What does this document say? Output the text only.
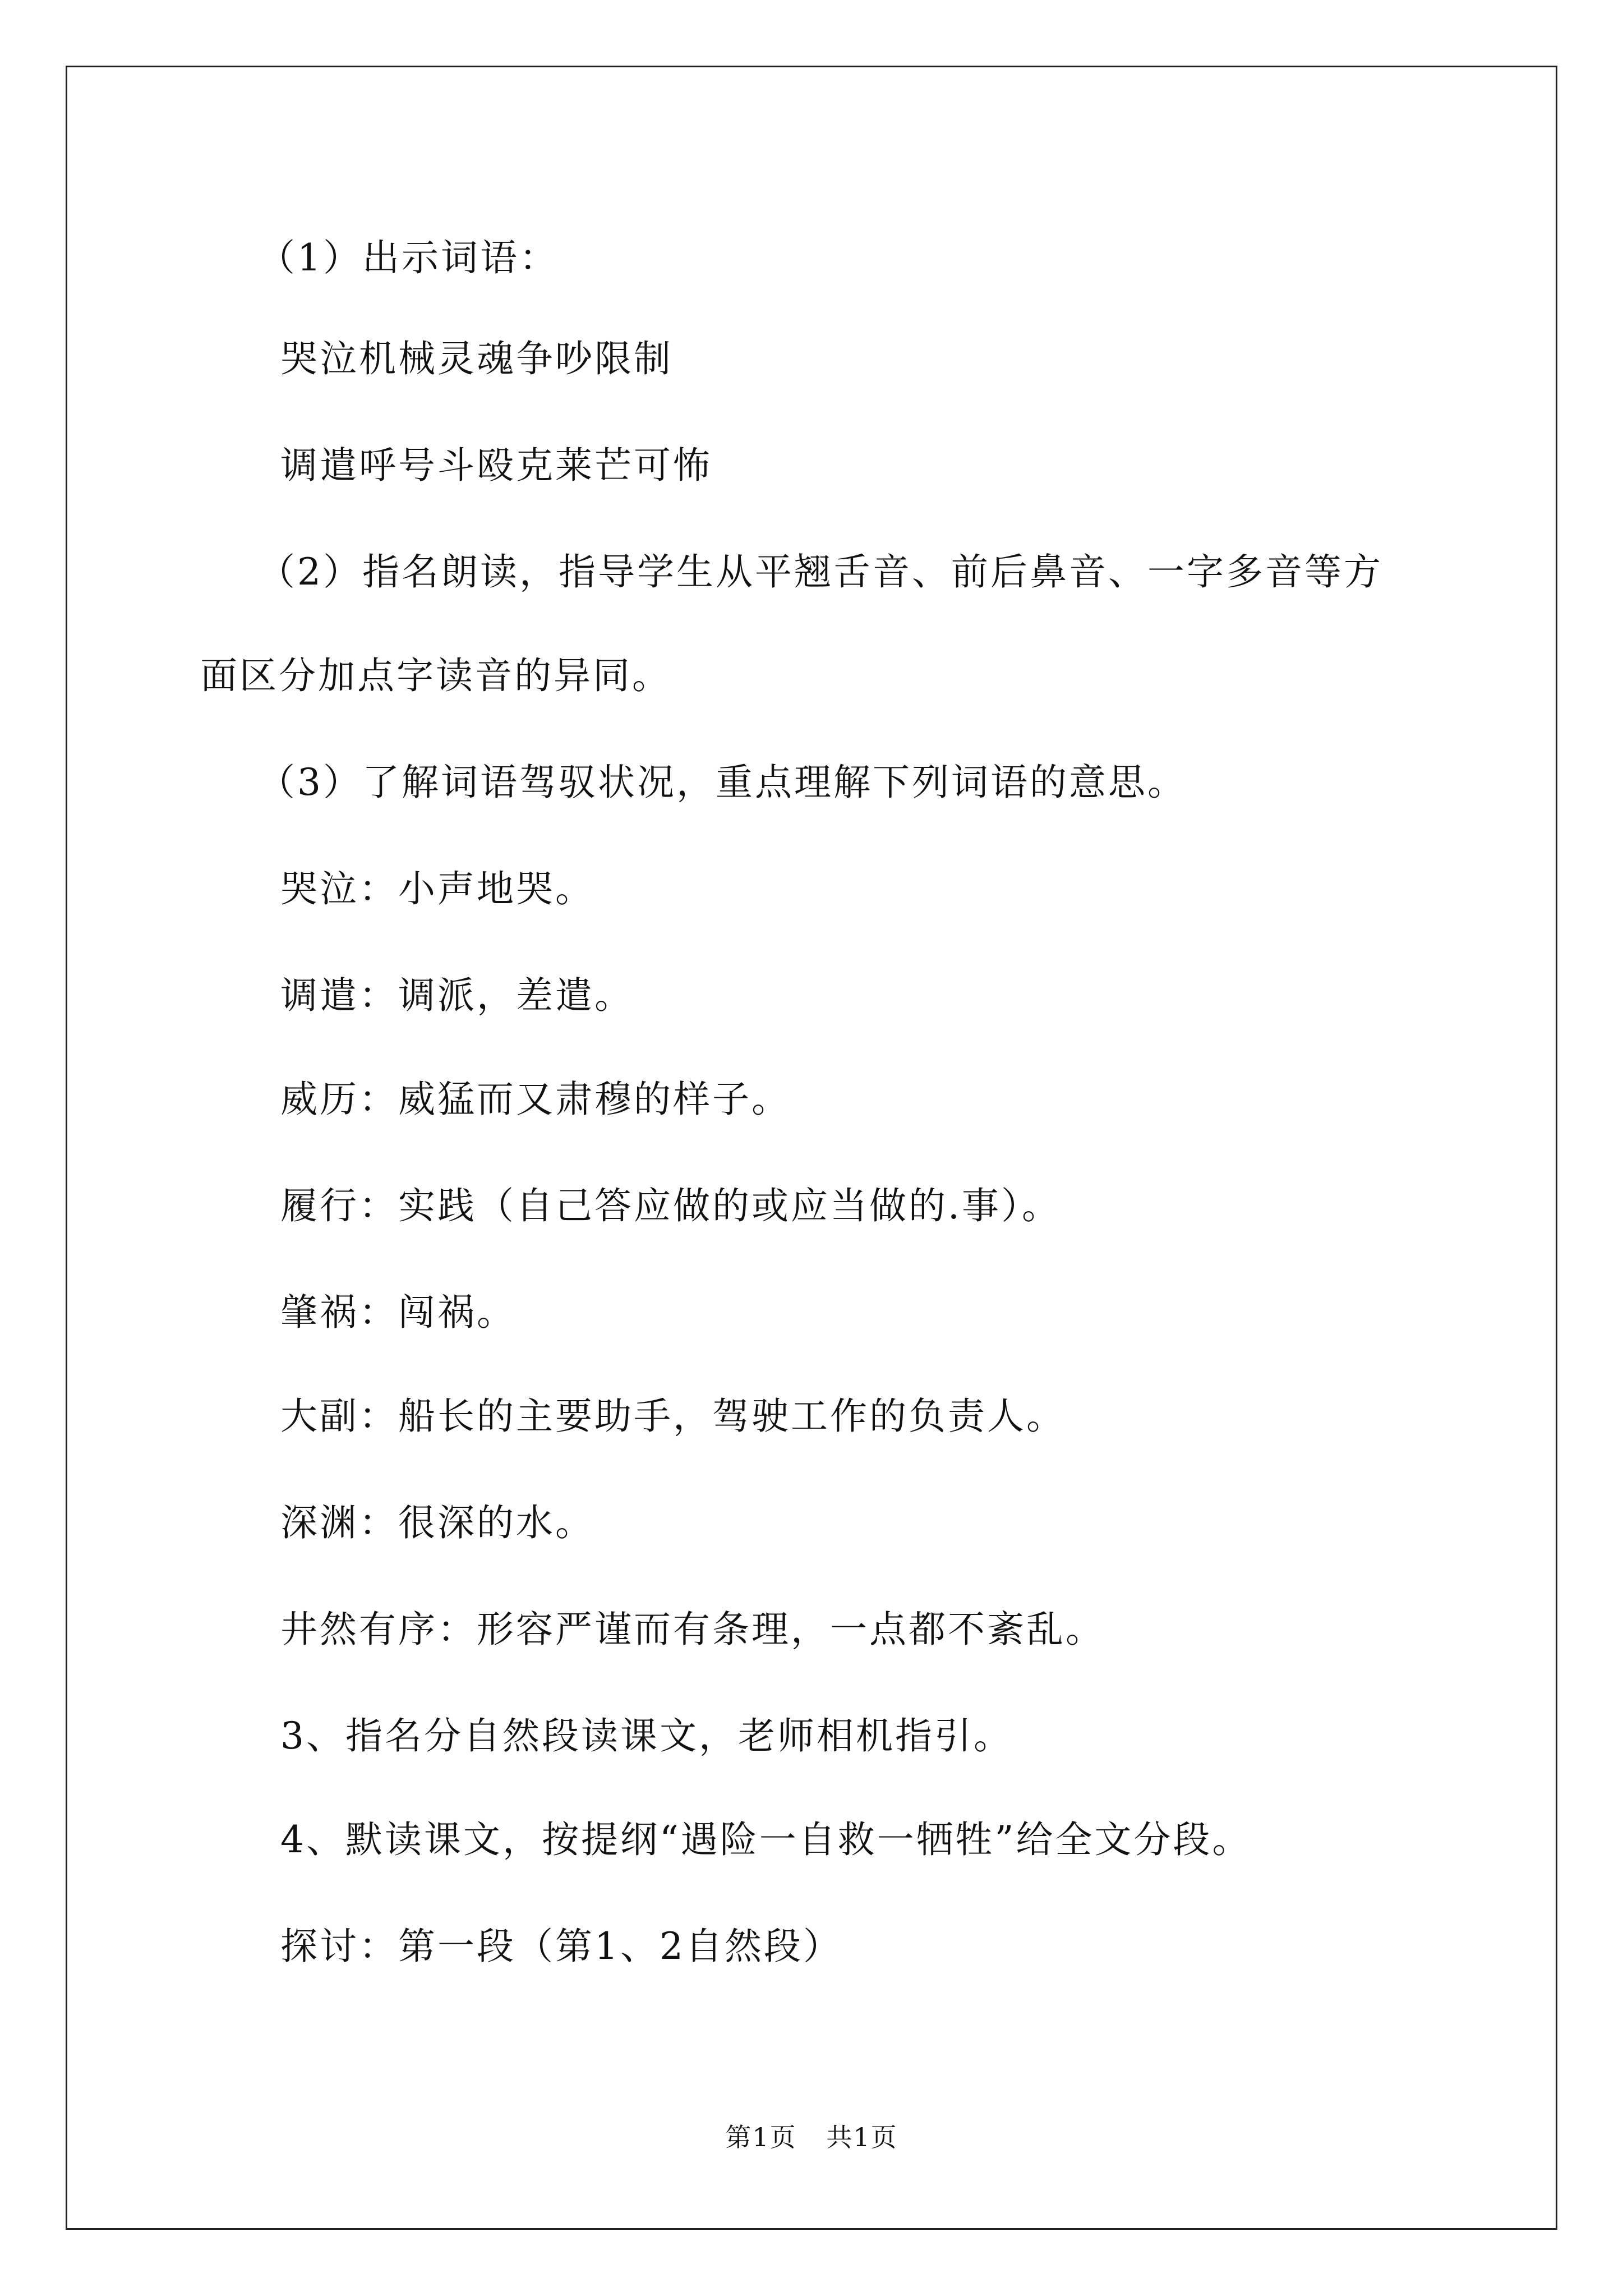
（1）出示词语：
哭泣机械灵魂争吵限制
调遣呼号斗殴克莱芒可怖
（2）指名朗读，指导学生从平翘舌音、前后鼻音、一字多音等方
面区分加点字读音的异同。
（3）了解词语驾驭状况，重点理解下列词语的意思。
哭泣：小声地哭。
调遣：调派，差遣。
威历：威猛而又肃穆的样子。
履行：实践（自己答应做的或应当做的.事）。
肇祸：闯祸。
大副：船长的主要助手，驾驶工作的负责人。
深渊：很深的水。
井然有序：形容严谨而有条理，一点都不紊乱。
3、指名分自然段读课文，老师相机指引。
4、默读课文，按提纲“遇险一自救一牺牲”给全文分段。
探讨：第一段（第1、2自然段）
第1页 共1页
